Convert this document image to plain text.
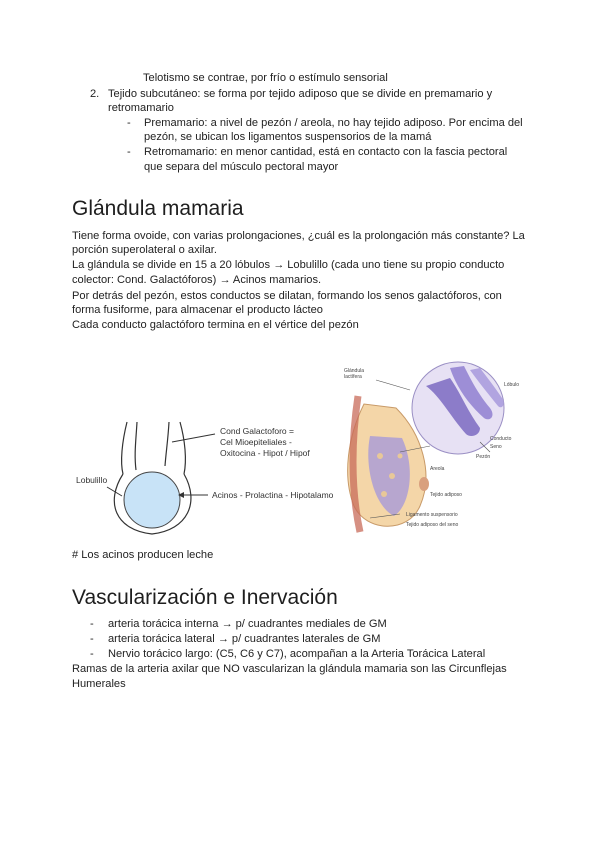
Telotismo se contrae, por frío o estímulo sensorial
2. Tejido subcutáneo: se forma por tejido adiposo que se divide en premamario y
retromamario
- Premamario: a nivel de pezón / areola, no hay tejido adiposo. Por encima del
pezón, se ubican los ligamentos suspensorios de la mamá
- Retromamario: en menor cantidad, está en contacto con la fascia pectoral
que separa del músculo pectoral mayor
Glándula mamaria
Tiene forma ovoide, con varias prolongaciones, ¿cuál es la prolongación más constante? La
porción superolateral o axilar.
La glándula se divide en 15 a 20 lóbulos → Lobulillo (cada uno tiene su propio conducto
colector: Cond. Galactóforos) → Acinos mamarios.
Por detrás del pezón, estos conductos se dilatan, formando los senos galactóforos, con
forma fusiforme, para almacenar el producto lácteo
Cada conducto galactóforo termina en el vértice del pezón
Lobulillo
Cond Galactoforo =
Cel Mioepiteliales -
Oxitocina - Hipot / Hipof
Acinos - Prolactina - Hipotalamo
Glándula
lactífera
Lóbulo
Conducto
Seno
Pezón
Areola
Tejido adiposo
Ligamento suspensorio
Tejido adiposo del seno
# Los acinos producen leche
Vascularización e Inervación
- arteria torácica interna → p/ cuadrantes mediales de GM
- arteria torácica lateral → p/ cuadrantes laterales de GM
- Nervio torácico largo: (C5, C6 y C7), acompañan a la Arteria Torácica Lateral
Ramas de la arteria axilar que NO vascularizan la glándula mamaria son las Circunflejas
Humerales
